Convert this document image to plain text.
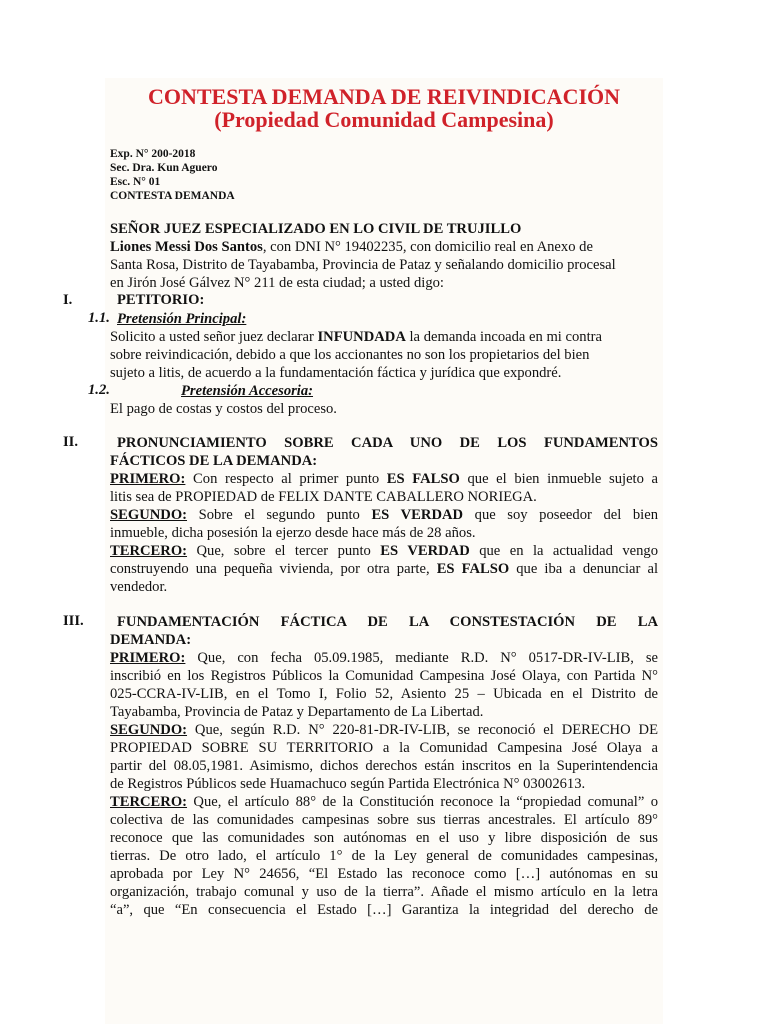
CONTESTA DEMANDA DE REIVINDICACIÓN
(Propiedad Comunidad Campesina)
Exp. N° 200-2018
Sec. Dra. Kun Aguero
Esc. N° 01
CONTESTA DEMANDA
SEÑOR JUEZ ESPECIALIZADO EN LO CIVIL DE TRUJILLO
Liones Messi Dos Santos, con DNI N° 19402235, con domicilio real en Anexo de
Santa Rosa, Distrito de Tayabamba, Provincia de Pataz y señalando domicilio procesal
en Jirón José Gálvez N° 211 de esta ciudad; a usted digo:
I.	PETITORIO:
1.1. Pretensión Principal:
Solicito a usted señor juez declarar INFUNDADA la demanda incoada en mi contra
sobre reivindicación, debido a que los accionantes no son los propietarios del bien
sujeto a litis, de acuerdo a la fundamentación fáctica y jurídica que expondré.
1.2.	Pretensión Accesoria:
El pago de costas y costos del proceso.
II.	PRONUNCIAMIENTO SOBRE CADA UNO DE LOS FUNDAMENTOS
FÁCTICOS DE LA DEMANDA:
PRIMERO: Con respecto al primer punto ES FALSO que el bien inmueble sujeto a
litis sea de PROPIEDAD de FELIX DANTE CABALLERO NORIEGA.
SEGUNDO: Sobre el segundo punto ES VERDAD que soy poseedor del bien
inmueble, dicha posesión la ejerzo desde hace más de 28 años.
TERCERO: Que, sobre el tercer punto ES VERDAD que en la actualidad vengo
construyendo una pequeña vivienda, por otra parte, ES FALSO que iba a denunciar al
vendedor.
III. FUNDAMENTACIÓN FÁCTICA DE LA CONSTESTACIÓN DE LA
DEMANDA:
PRIMERO: Que, con fecha 05.09.1985, mediante R.D. N° 0517-DR-IV-LIB, se
inscribió en los Registros Públicos la Comunidad Campesina José Olaya, con Partida N°
025-CCRA-IV-LIB, en el Tomo I, Folio 52, Asiento 25 – Ubicada en el Distrito de
Tayabamba, Provincia de Pataz y Departamento de La Libertad.
SEGUNDO: Que, según R.D. N° 220-81-DR-IV-LIB, se reconoció el DERECHO DE
PROPIEDAD SOBRE SU TERRITORIO a la Comunidad Campesina José Olaya a
partir del 08.05,1981. Asimismo, dichos derechos están inscritos en la Superintendencia
de Registros Públicos sede Huamachuco según Partida Electrónica N° 03002613.
TERCERO: Que, el artículo 88° de la Constitución reconoce la “propiedad comunal” o
colectiva de las comunidades campesinas sobre sus tierras ancestrales. El artículo 89°
reconoce que las comunidades son autónomas en el uso y libre disposición de sus
tierras. De otro lado, el artículo 1° de la Ley general de comunidades campesinas,
aprobada por Ley N° 24656, “El Estado las reconoce como […] autónomas en su
organización, trabajo comunal y uso de la tierra”. Añade el mismo artículo en la letra
“a”, que “En consecuencia el Estado […] Garantiza la integridad del derecho de
